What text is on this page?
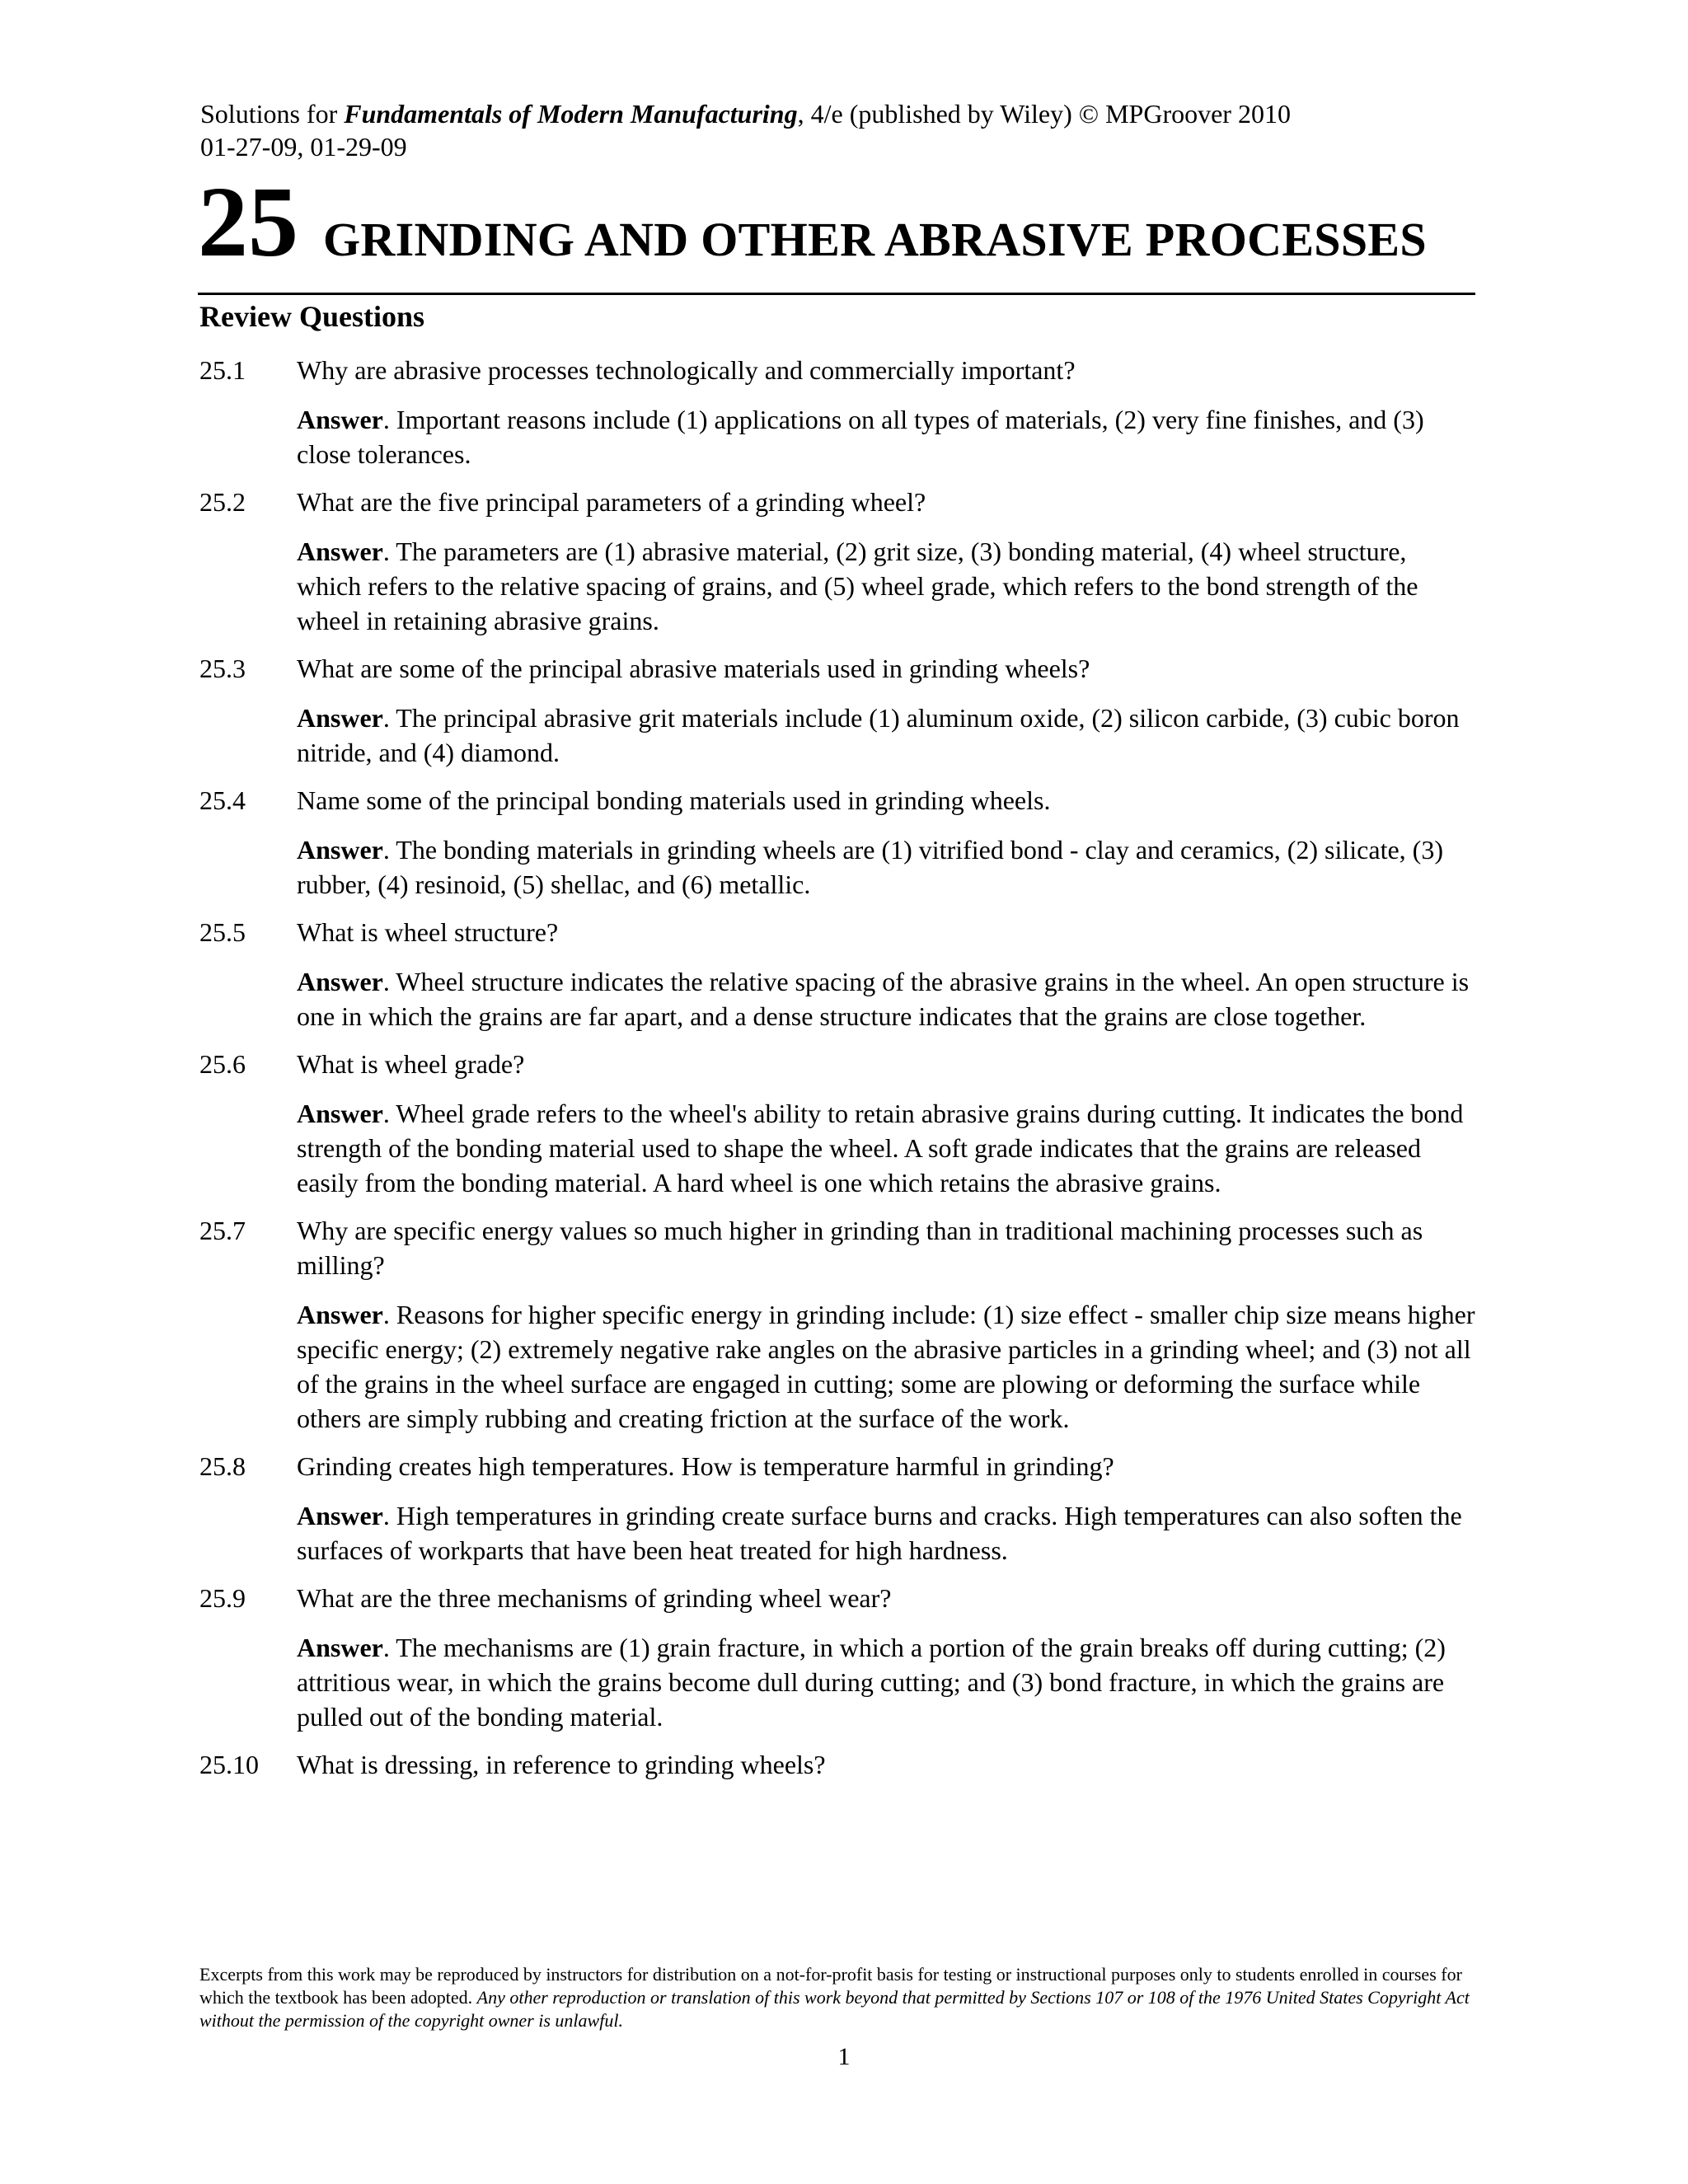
Solutions for Fundamentals of Modern Manufacturing, 4/e (published by Wiley) © MPGroover 2010
01-27-09, 01-29-09
25 GRINDING AND OTHER ABRASIVE PROCESSES
Review Questions
25.1	Why are abrasive processes technologically and commercially important?
Answer. Important reasons include (1) applications on all types of materials, (2) very fine finishes, and (3) close tolerances.
25.2	What are the five principal parameters of a grinding wheel?
Answer. The parameters are (1) abrasive material, (2) grit size, (3) bonding material, (4) wheel structure, which refers to the relative spacing of grains, and (5) wheel grade, which refers to the bond strength of the wheel in retaining abrasive grains.
25.3	What are some of the principal abrasive materials used in grinding wheels?
Answer. The principal abrasive grit materials include (1) aluminum oxide, (2) silicon carbide, (3) cubic boron nitride, and (4) diamond.
25.4	Name some of the principal bonding materials used in grinding wheels.
Answer. The bonding materials in grinding wheels are (1) vitrified bond - clay and ceramics, (2) silicate, (3) rubber, (4) resinoid, (5) shellac, and (6) metallic.
25.5	What is wheel structure?
Answer. Wheel structure indicates the relative spacing of the abrasive grains in the wheel. An open structure is one in which the grains are far apart, and a dense structure indicates that the grains are close together.
25.6	What is wheel grade?
Answer. Wheel grade refers to the wheel's ability to retain abrasive grains during cutting. It indicates the bond strength of the bonding material used to shape the wheel. A soft grade indicates that the grains are released easily from the bonding material. A hard wheel is one which retains the abrasive grains.
25.7	Why are specific energy values so much higher in grinding than in traditional machining processes such as milling?
Answer. Reasons for higher specific energy in grinding include: (1) size effect - smaller chip size means higher specific energy; (2) extremely negative rake angles on the abrasive particles in a grinding wheel; and (3) not all of the grains in the wheel surface are engaged in cutting; some are plowing or deforming the surface while others are simply rubbing and creating friction at the surface of the work.
25.8	Grinding creates high temperatures. How is temperature harmful in grinding?
Answer. High temperatures in grinding create surface burns and cracks. High temperatures can also soften the surfaces of workparts that have been heat treated for high hardness.
25.9	What are the three mechanisms of grinding wheel wear?
Answer. The mechanisms are (1) grain fracture, in which a portion of the grain breaks off during cutting; (2) attritious wear, in which the grains become dull during cutting; and (3) bond fracture, in which the grains are pulled out of the bonding material.
25.10	What is dressing, in reference to grinding wheels?
Excerpts from this work may be reproduced by instructors for distribution on a not-for-profit basis for testing or instructional purposes only to students enrolled in courses for which the textbook has been adopted. Any other reproduction or translation of this work beyond that permitted by Sections 107 or 108 of the 1976 United States Copyright Act without the permission of the copyright owner is unlawful.
1
